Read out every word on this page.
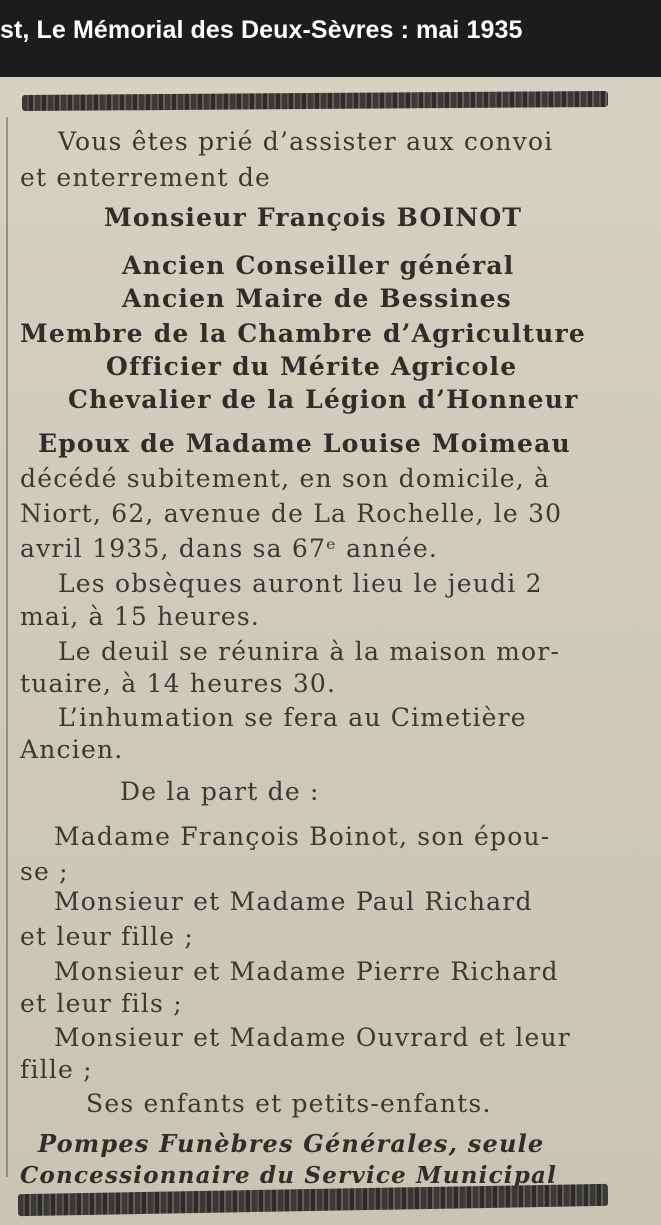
st, Le Mémorial des Deux-Sèvres : mai 1935
Vous êtes prié d’assister aux convoi
et enterrement de
Monsieur François BOINOT
Ancien Conseiller général
Ancien Maire de Bessines
Membre de la Chambre d’Agriculture
Officier du Mérite Agricole
Chevalier de la Légion d’Honneur
Epoux de Madame Louise Moimeau
décédé subitement, en son domicile, à
Niort, 62, avenue de La Rochelle, le 30
avril 1935, dans sa 67ᵉ année.
Les obsèques auront lieu le jeudi 2
mai, à 15 heures.
Le deuil se réunira à la maison mor-
tuaire, à 14 heures 30.
L’inhumation se fera au Cimetière
Ancien.
De la part de :
Madame François Boinot, son épou-
se ;
Monsieur et Madame Paul Richard
et leur fille ;
Monsieur et Madame Pierre Richard
et leur fils ;
Monsieur et Madame Ouvrard et leur
fille ;
Ses enfants et petits-enfants.
Pompes Funèbres Générales, seule
Concessionnaire du Service Municipal
